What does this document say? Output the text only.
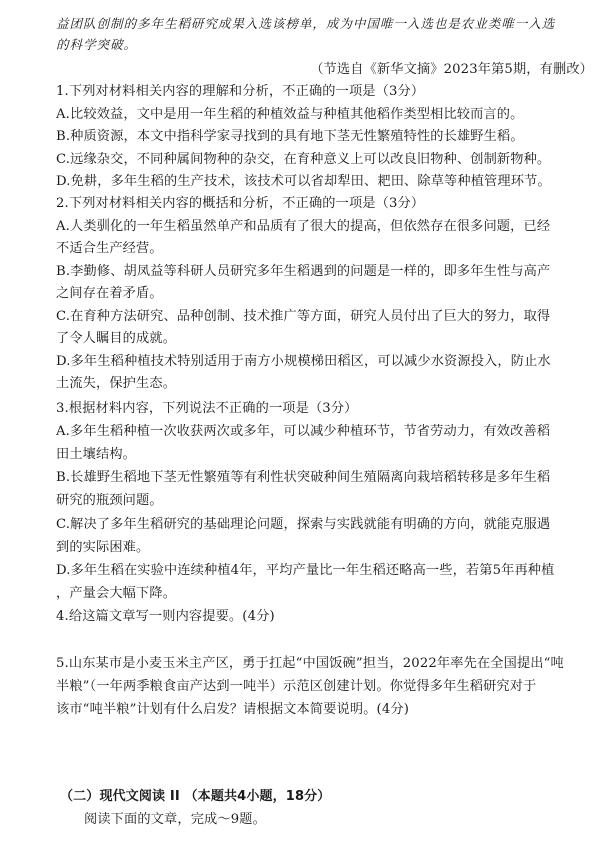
益团队创制的多年生稻研究成果入选该榜单，成为中国唯一入选也是农业类唯一入选
的科学突破。
（节选自《新华文摘》2023年第5期，有删改）
1.下列对材料相关内容的理解和分析，不正确的一项是（3分）
A.比较效益，文中是用一年生稻的种植效益与种植其他稻作类型相比较而言的。
B.种质资源，本文中指科学家寻找到的具有地下茎无性繁殖特性的长雄野生稻。
C.远缘杂交，不同种属间物种的杂交，在育种意义上可以改良旧物种、创制新物种。
D.免耕，多年生稻的生产技术，该技术可以省却犁田、耙田、除草等种植管理环节。
2.下列对材料相关内容的概括和分析，不正确的一项是（3分）
A.人类驯化的一年生稻虽然单产和品质有了很大的提高，但依然存在很多问题，已经
不适合生产经营。
B.李勤修、胡凤益等科研人员研究多年生稻遇到的问题是一样的，即多年生性与高产
之间存在着矛盾。
C.在育种方法研究、品种创制、技术推广等方面，研究人员付出了巨大的努力，取得
了令人瞩目的成就。
D.多年生稻种植技术特别适用于南方小规模梯田稻区，可以减少水资源投入，防止水
土流失，保护生态。
3.根据材料内容，下列说法不正确的一项是（3分）
A.多年生稻种植一次收获两次或多年，可以减少种植环节，节省劳动力，有效改善稻
田土壤结构。
B.长雄野生稻地下茎无性繁殖等有利性状突破种间生殖隔离向栽培稻转移是多年生稻
研究的瓶颈问题。
C.解决了多年生稻研究的基础理论问题，探索与实践就能有明确的方向，就能克服遇
到的实际困难。
D.多年生稻在实验中连续种植4年，平均产量比一年生稻还略高一些，若第5年再种植
，产量会大幅下降。
4.给这篇文章写一则内容提要。(4分)
5.山东某市是小麦玉米主产区，勇于扛起“中国饭碗”担当，2022年率先在全国提出“吨
半粮”（一年两季粮食亩产达到一吨半）示范区创建计划。你觉得多年生稻研究对于
该市“吨半粮”计划有什么启发？请根据文本简要说明。(4分)
（二）现代文阅读 II （本题共4小题，18分）
阅读下面的文章，完成～9题。
